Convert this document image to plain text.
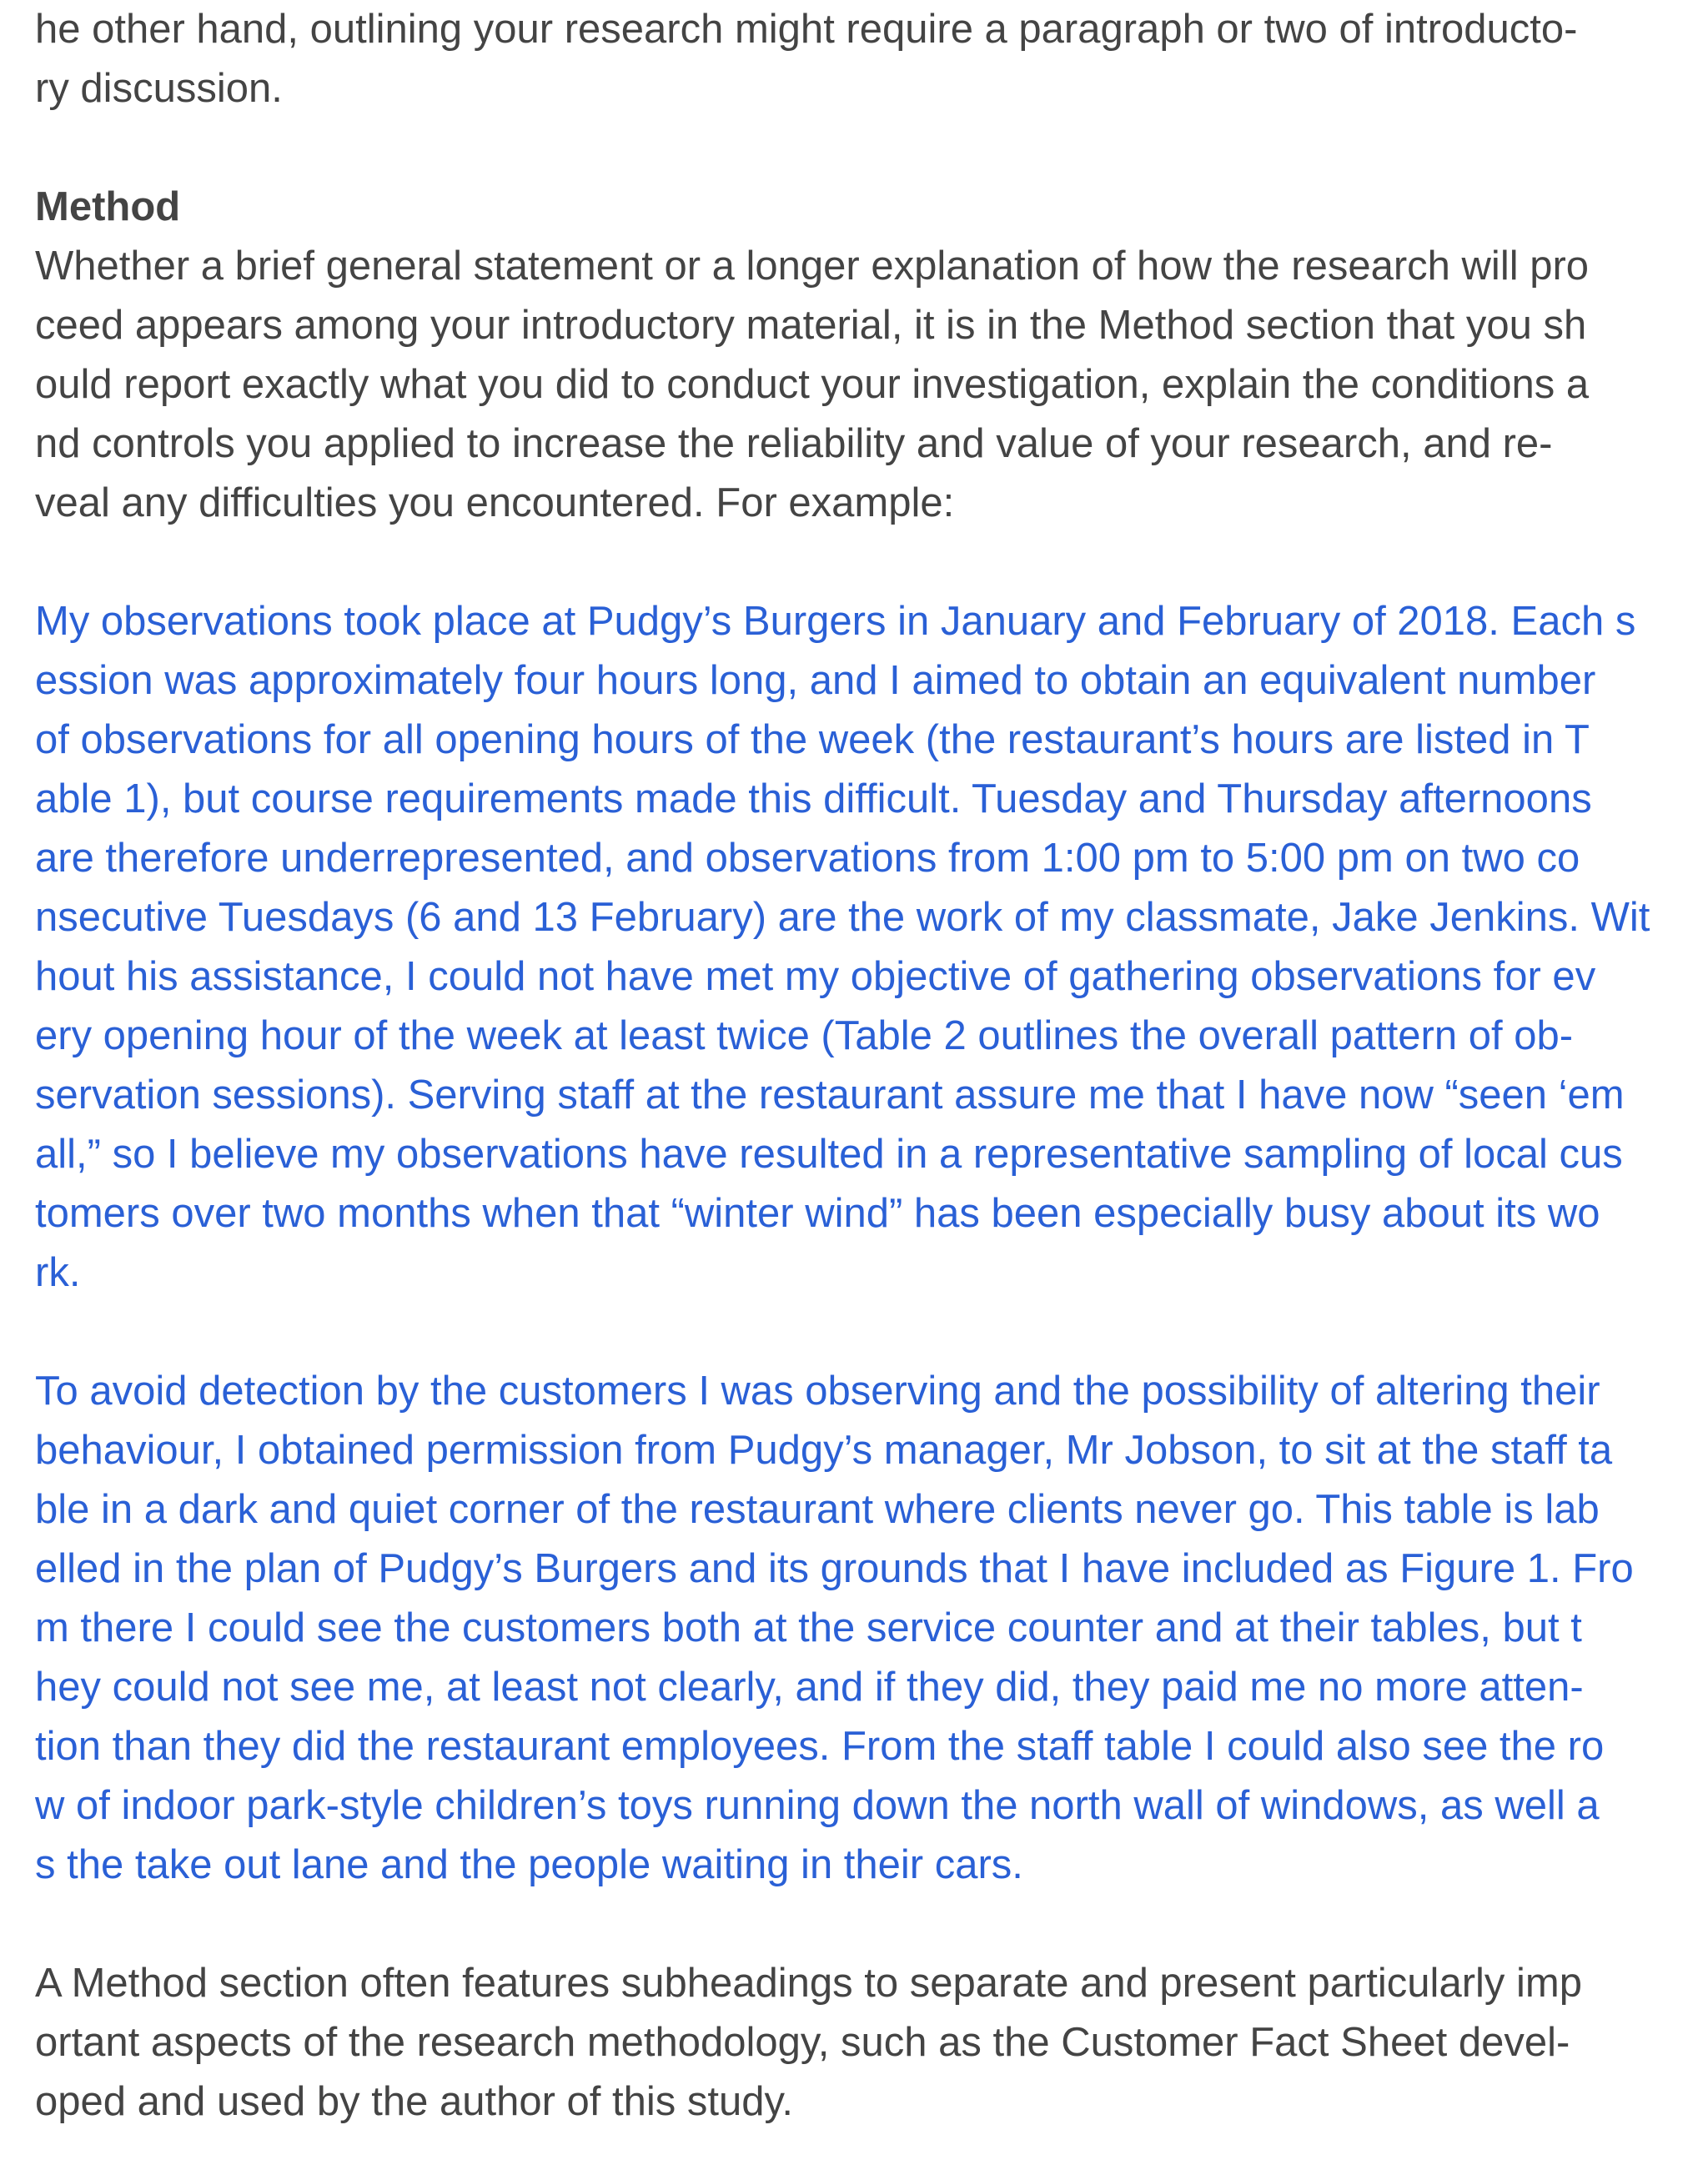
he other hand, outlining your research might require a paragraph or two of introducto-
ry discussion.
Method
Whether a brief general statement or a longer explanation of how the research will pro
ceed appears among your introductory material, it is in the Method section that you sh
ould report exactly what you did to conduct your investigation, explain the conditions a
nd controls you applied to increase the reliability and value of your research, and re-
veal any difficulties you encountered. For example:
My observations took place at Pudgy’s Burgers in January and February of 2018. Each s
ession was approximately four hours long, and I aimed to obtain an equivalent number
of observations for all opening hours of the week (the restaurant’s hours are listed in T
able 1), but course requirements made this difficult. Tuesday and Thursday afternoons
are therefore underrepresented, and observations from 1:00 pm to 5:00 pm on two co
nsecutive Tuesdays (6 and 13 February) are the work of my classmate, Jake Jenkins. Wit
hout his assistance, I could not have met my objective of gathering observations for ev
ery opening hour of the week at least twice (Table 2 outlines the overall pattern of ob-
servation sessions). Serving staff at the restaurant assure me that I have now “seen ‘em
all,” so I believe my observations have resulted in a representative sampling of local cus
tomers over two months when that “winter wind” has been especially busy about its wo
rk.
To avoid detection by the customers I was observing and the possibility of altering their
behaviour, I obtained permission from Pudgy’s manager, Mr Jobson, to sit at the staff ta
ble in a dark and quiet corner of the restaurant where clients never go. This table is lab
elled in the plan of Pudgy’s Burgers and its grounds that I have included as Figure 1. Fro
m there I could see the customers both at the service counter and at their tables, but t
hey could not see me, at least not clearly, and if they did, they paid me no more atten-
tion than they did the restaurant employees. From the staff table I could also see the ro
w of indoor park-style children’s toys running down the north wall of windows, as well a
s the take out lane and the people waiting in their cars.
A Method section often features subheadings to separate and present particularly imp
ortant aspects of the research methodology, such as the Customer Fact Sheet devel-
oped and used by the author of this study.
